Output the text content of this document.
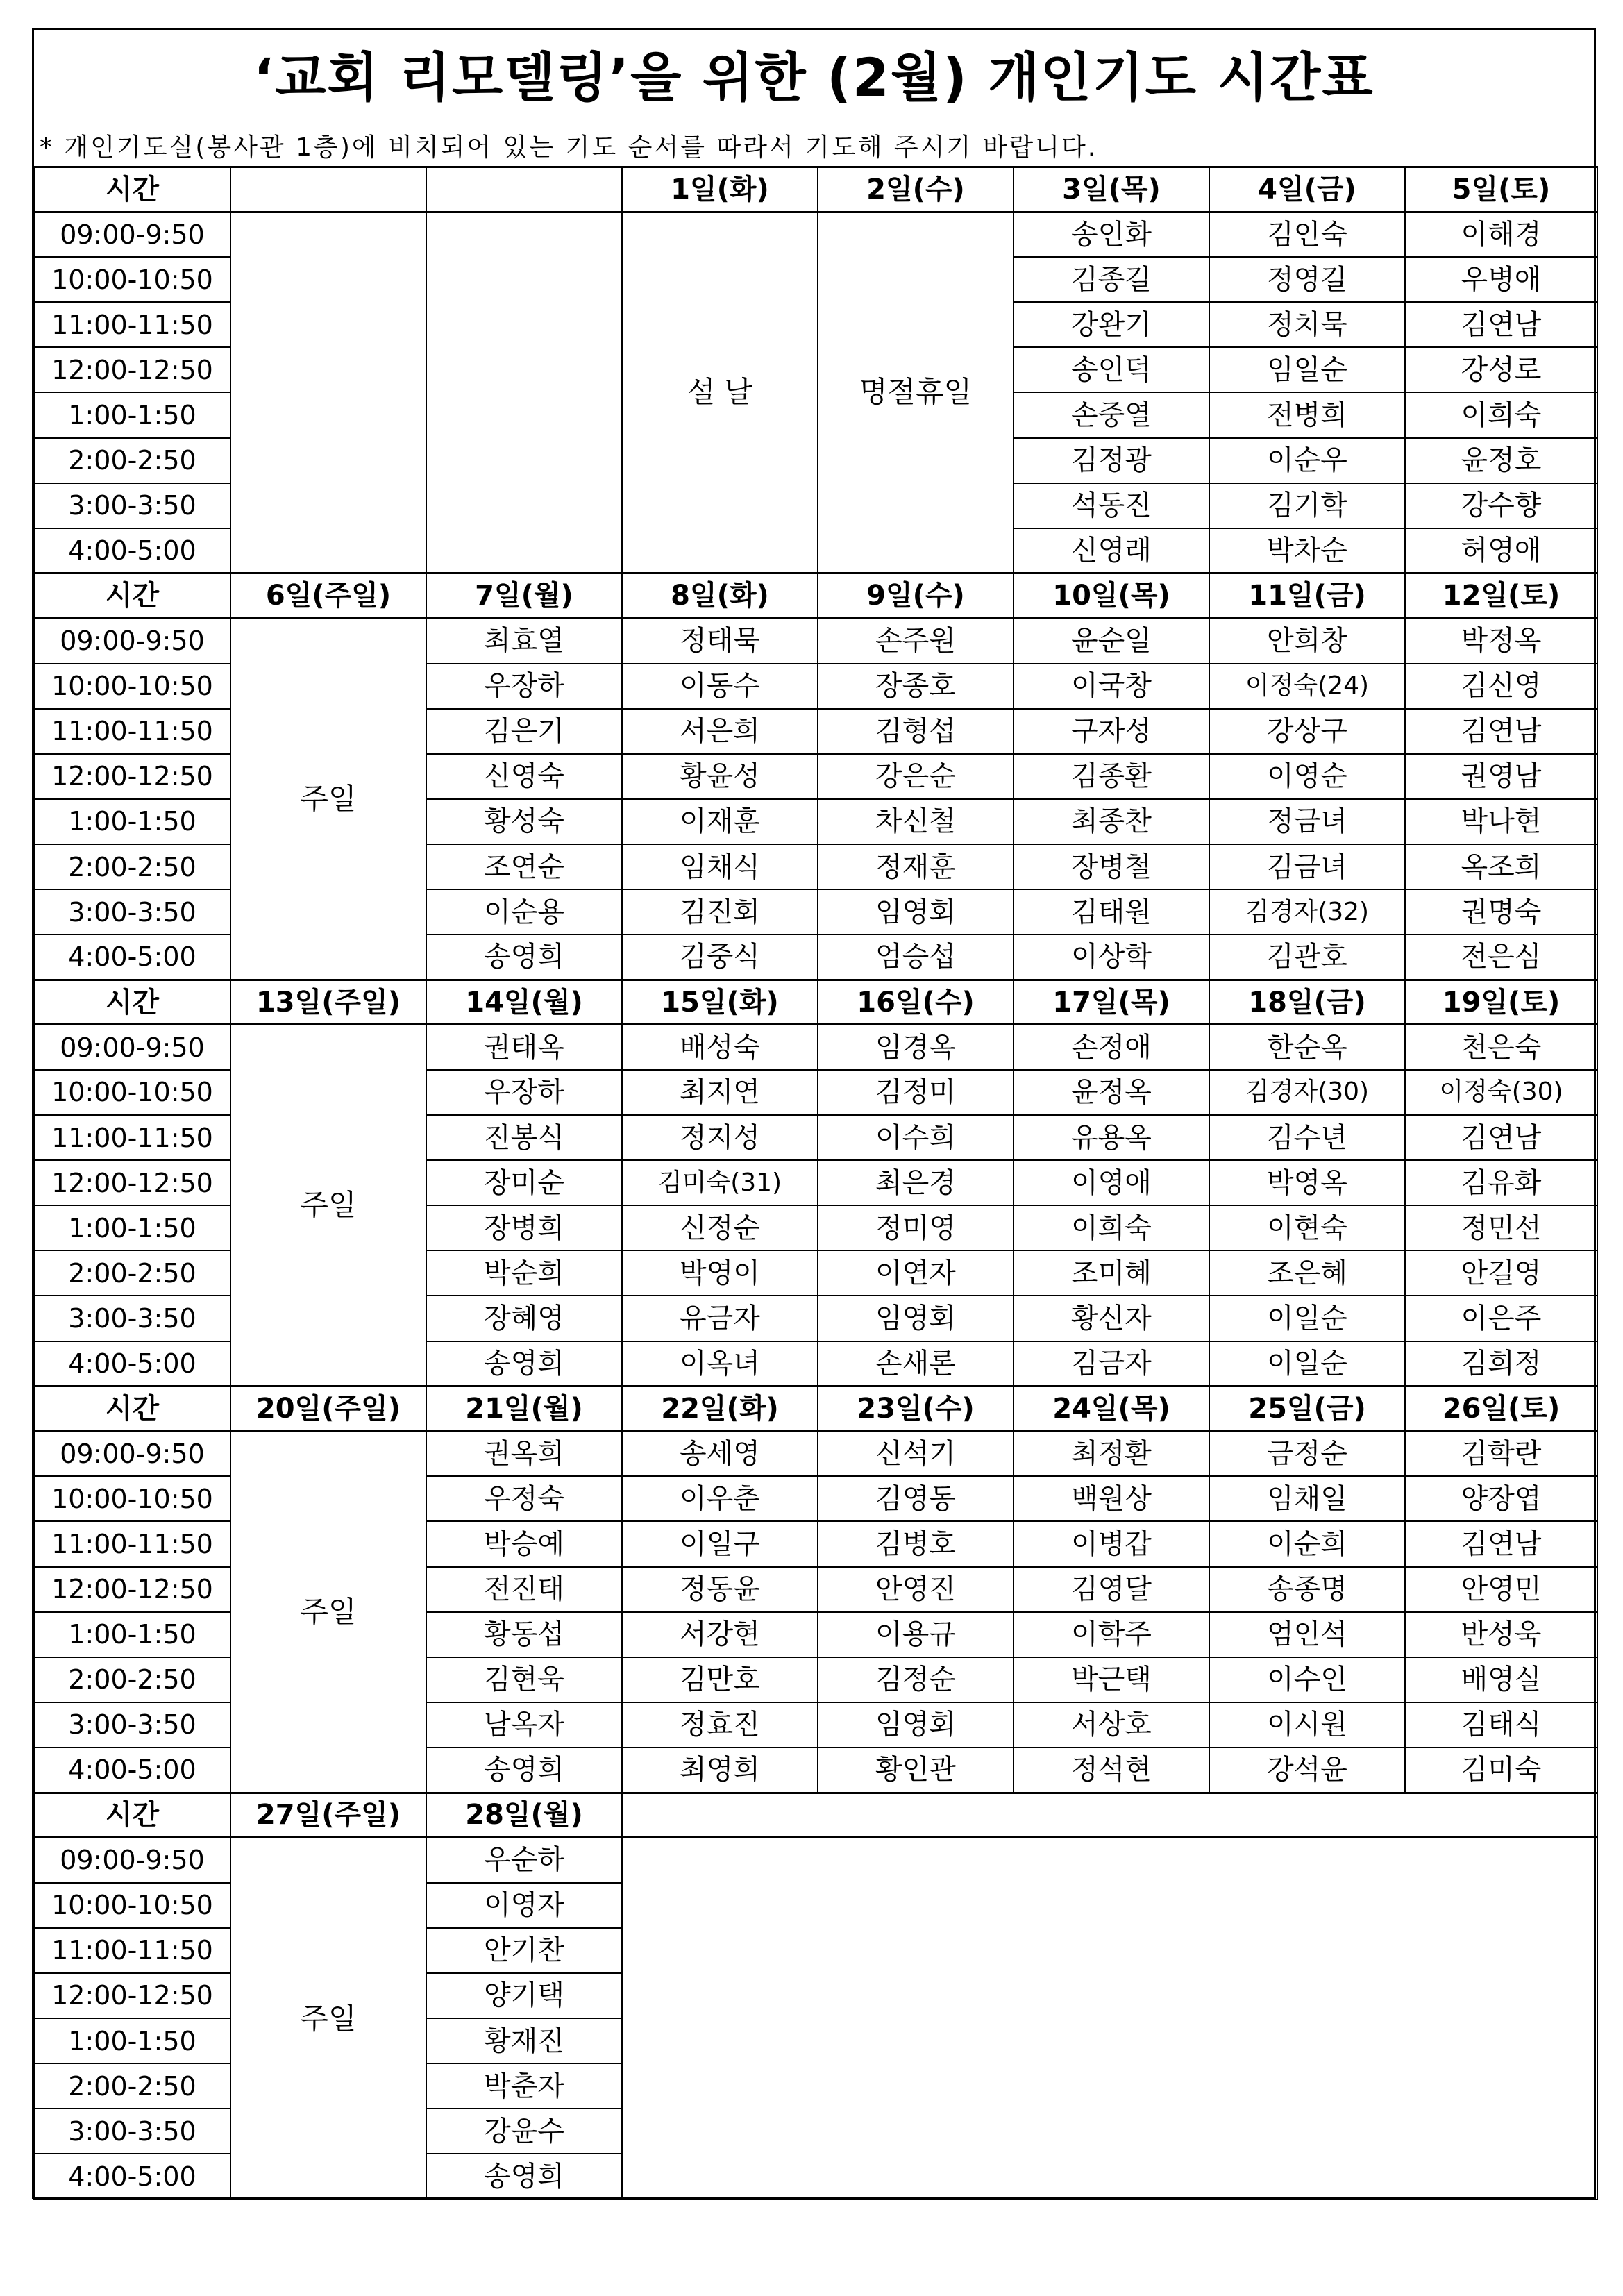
‘교회 리모델링’을 위한 (2월) 개인기도 시간표
* 개인기도실(봉사관 1층)에 비치되어 있는 기도 순서를 따라서 기도해 주시기 바랍니다.
시간			1일(화)	2일(수)	3일(목)	4일(금)	5일(토)
09:00-9:50			설 날	명절휴일	송인화	김인숙	이해경
10:00-10:50					김종길	정영길	우병애
11:00-11:50					강완기	정치묵	김연남
12:00-12:50					송인덕	임일순	강성로
1:00-1:50					손중열	전병희	이희숙
2:00-2:50					김정광	이순우	윤정호
3:00-3:50					석동진	김기학	강수향
4:00-5:00					신영래	박차순	허영애
시간	6일(주일)	7일(월)	8일(화)	9일(수)	10일(목)	11일(금)	12일(토)
09:00-9:50	주일	최효열	정태묵	손주원	윤순일	안희창	박정옥
10:00-10:50		우장하	이동수	장종호	이국창	이정숙(24)	김신영
11:00-11:50		김은기	서은희	김형섭	구자성	강상구	김연남
12:00-12:50		신영숙	황윤성	강은순	김종환	이영순	권영남
1:00-1:50		황성숙	이재훈	차신철	최종찬	정금녀	박나현
2:00-2:50		조연순	임채식	정재훈	장병철	김금녀	옥조희
3:00-3:50		이순용	김진회	임영회	김태원	김경자(32)	권명숙
4:00-5:00		송영희	김중식	엄승섭	이상학	김관호	전은심
시간	13일(주일)	14일(월)	15일(화)	16일(수)	17일(목)	18일(금)	19일(토)
09:00-9:50	주일	권태옥	배성숙	임경옥	손정애	한순옥	천은숙
10:00-10:50		우장하	최지연	김정미	윤정옥	김경자(30)	이정숙(30)
11:00-11:50		진봉식	정지성	이수희	유용옥	김수년	김연남
12:00-12:50		장미순	김미숙(31)	최은경	이영애	박영옥	김유화
1:00-1:50		장병희	신정순	정미영	이희숙	이현숙	정민선
2:00-2:50		박순희	박영이	이연자	조미혜	조은혜	안길영
3:00-3:50		장혜영	유금자	임영회	황신자	이일순	이은주
4:00-5:00		송영희	이옥녀	손새론	김금자	이일순	김희정
시간	20일(주일)	21일(월)	22일(화)	23일(수)	24일(목)	25일(금)	26일(토)
09:00-9:50	주일	권옥희	송세영	신석기	최정환	금정순	김학란
10:00-10:50		우정숙	이우춘	김영동	백원상	임채일	양장엽
11:00-11:50		박승예	이일구	김병호	이병갑	이순희	김연남
12:00-12:50		전진태	정동윤	안영진	김영달	송종명	안영민
1:00-1:50		황동섭	서강현	이용규	이학주	엄인석	반성욱
2:00-2:50		김현욱	김만호	김정순	박근택	이수인	배영실
3:00-3:50		남옥자	정효진	임영회	서상호	이시원	김태식
4:00-5:00		송영희	최영희	황인관	정석현	강석윤	김미숙
시간	27일(주일)	28일(월)					
09:00-9:50	주일	우순하					
10:00-10:50		이영자					
11:00-11:50		안기찬					
12:00-12:50		양기택					
1:00-1:50		황재진					
2:00-2:50		박춘자					
3:00-3:50		강윤수					
4:00-5:00		송영희					
